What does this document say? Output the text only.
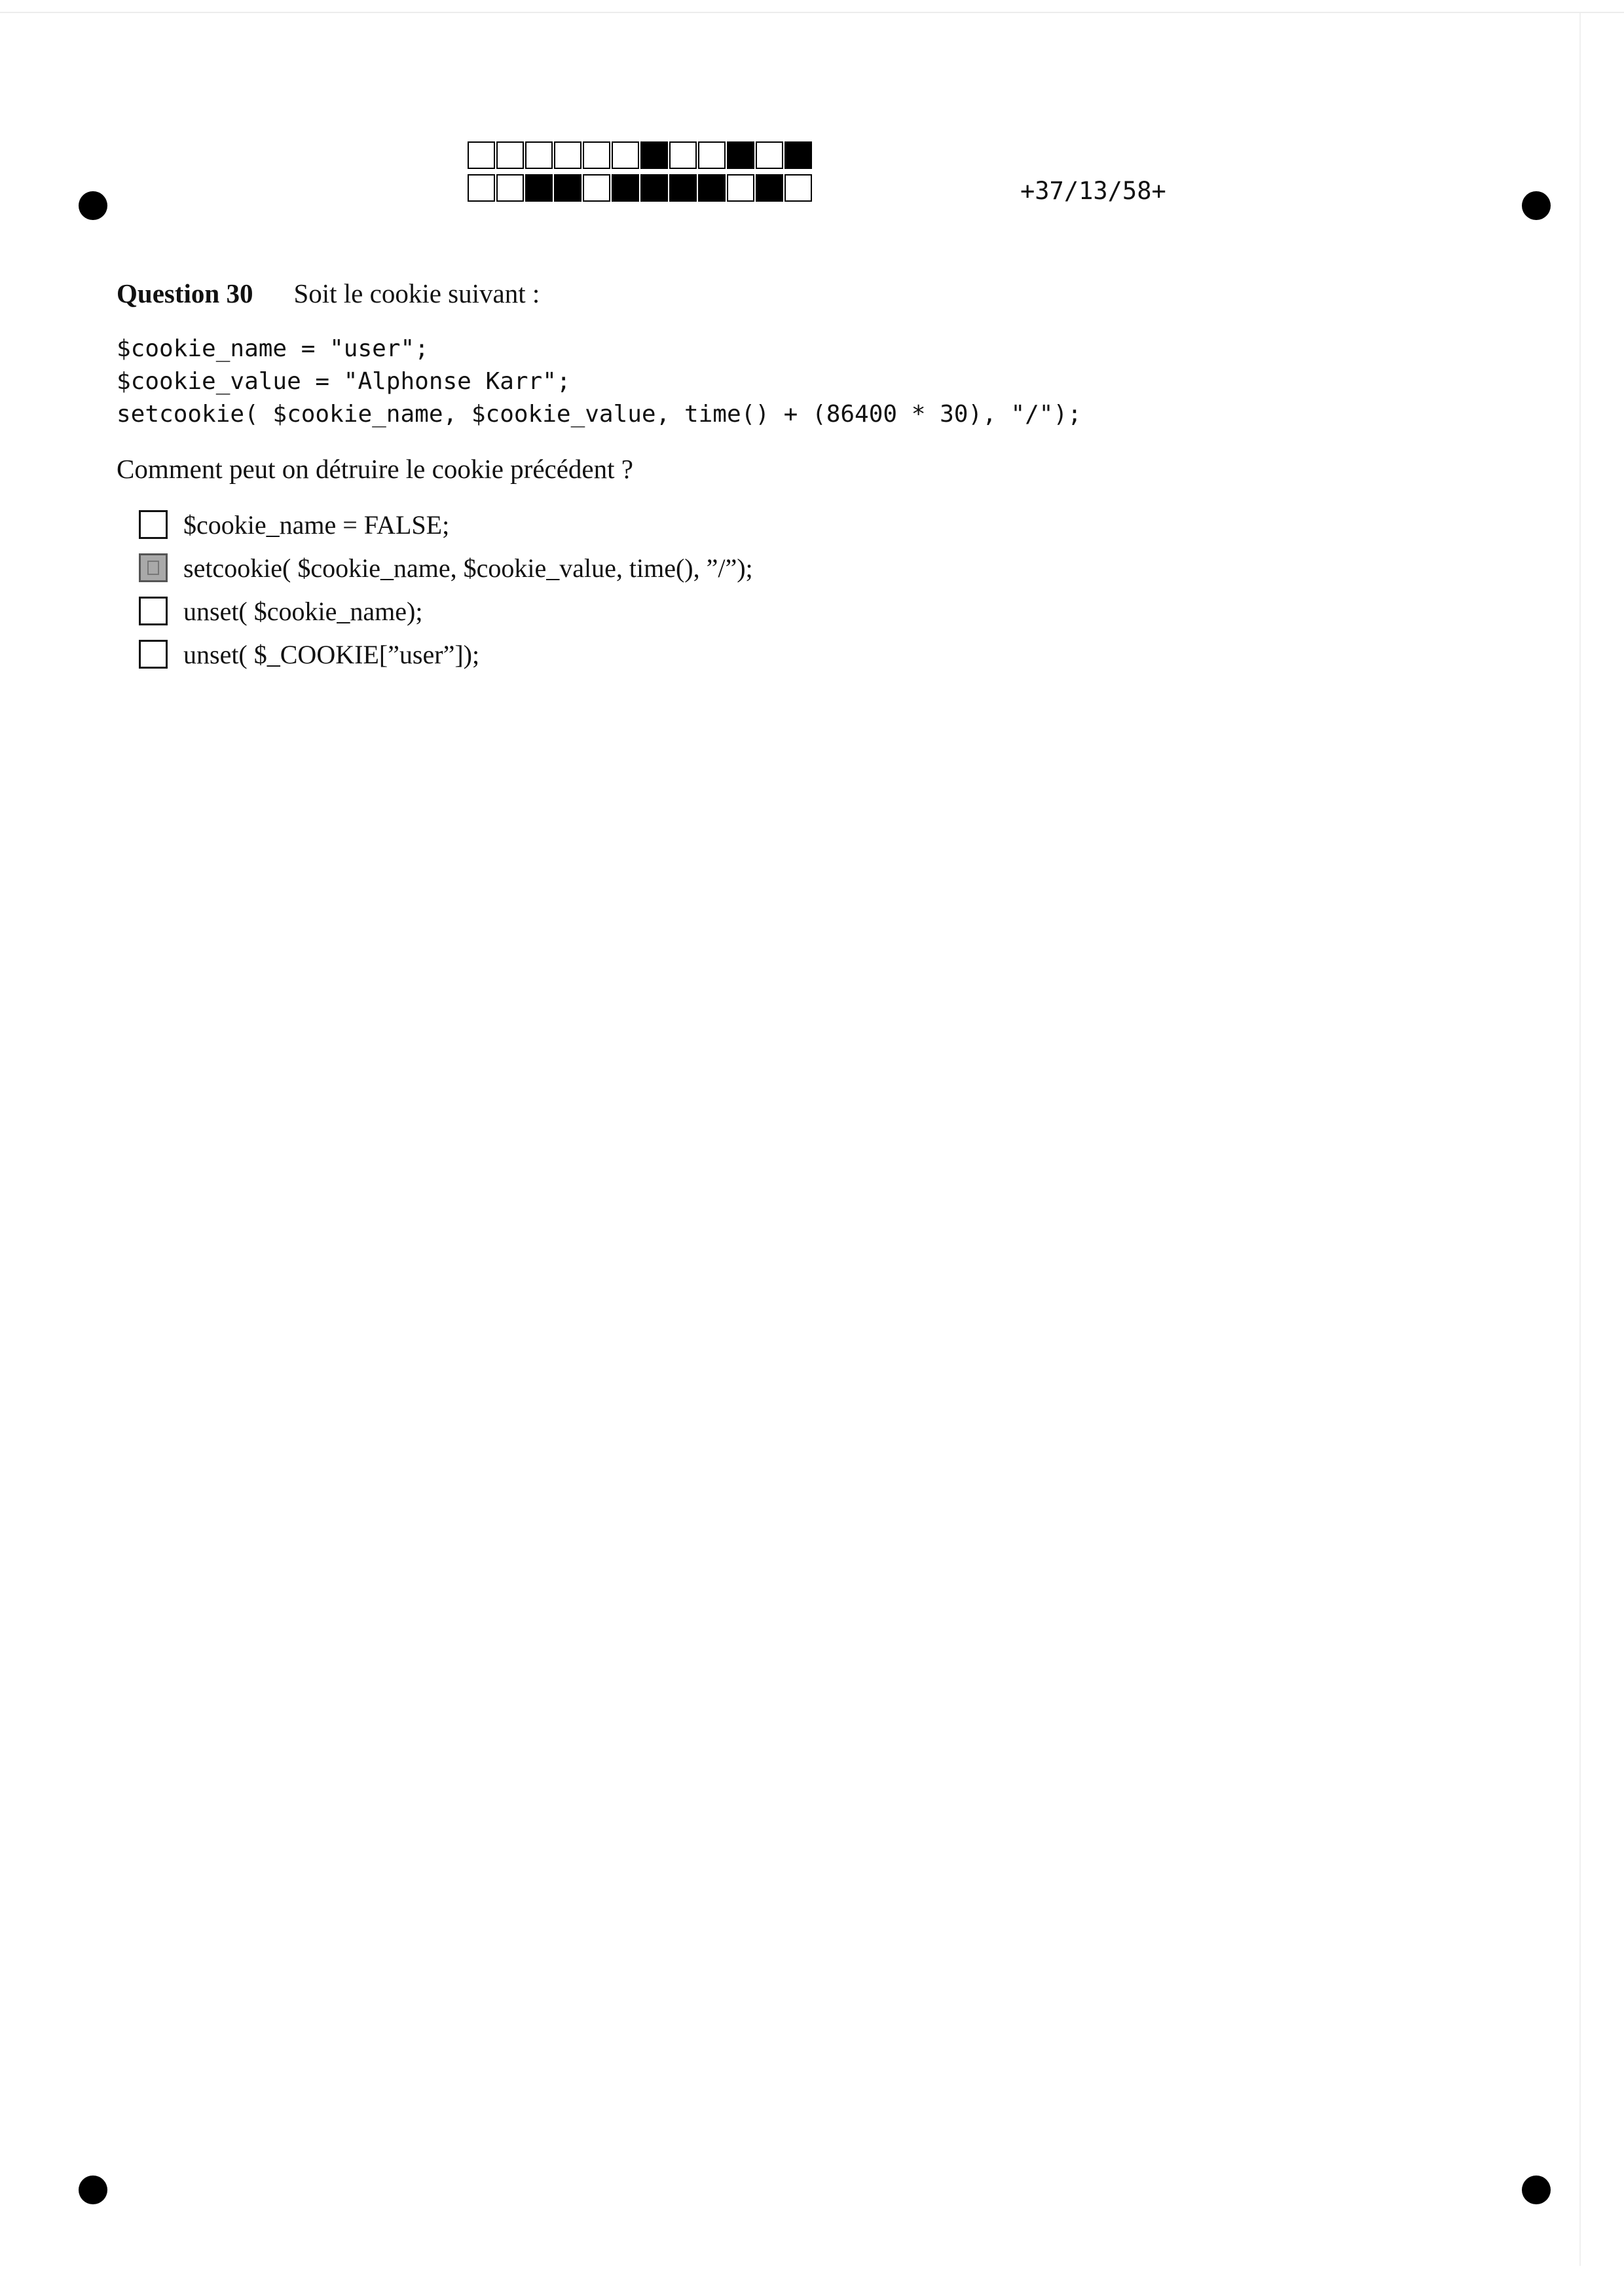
+37/13/58+
Question 30 Soit le cookie suivant :
$cookie_name = "user";
$cookie_value = "Alphonse Karr";
setcookie( $cookie_name, $cookie_value, time() + (86400 * 30), "/");
Comment peut on détruire le cookie précédent ?
$cookie_name = FALSE;
setcookie( $cookie_name, $cookie_value, time(), ”/”);
unset( $cookie_name);
unset( $_COOKIE[”user”]);
